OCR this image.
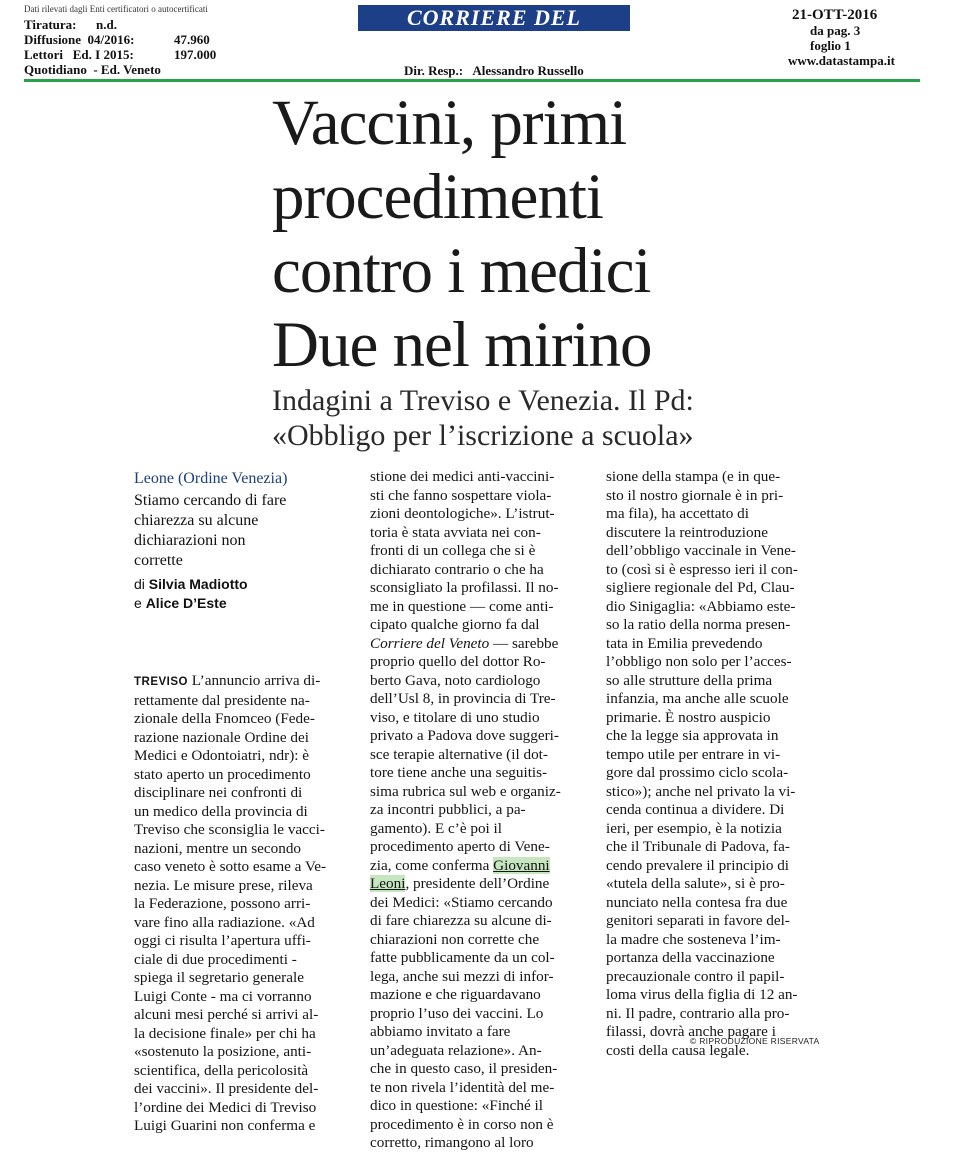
Dati rilevati dagli Enti certificatori o autocertificati
Tiratura:	n.d.
Diffusione  04/2016:	47.960
Lettori   Ed. I 2015:	197.000
Quotidiano  - Ed. Veneto
CORRIERE DEL VENETO
Dir. Resp.: Alessandro Russello
21-OTT-2016
da pag. 3
foglio 1
www.datastampa.it
Vaccini, primi
procedimenti
contro i medici
Due nel mirino
Indagini a Treviso e Venezia. Il Pd:
«Obbligo per l’iscrizione a scuola»
Leone (Ordine Venezia)
Stiamo cercando di fare
chiarezza su alcune
dichiarazioni non
corrette
di Silvia Madiotto
e Alice D’Este
TREVISO L’annuncio arriva di-
rettamente dal presidente na-
zionale della Fnomceo (Fede-
razione nazionale Ordine dei
Medici e Odontoiatri, ndr): è
stato aperto un procedimento
disciplinare nei confronti di
un medico della provincia di
Treviso che sconsiglia le vacci-
nazioni, mentre un secondo
caso veneto è sotto esame a Ve-
nezia. Le misure prese, rileva
la Federazione, possono arri-
vare fino alla radiazione. «Ad
oggi ci risulta l’apertura uffi-
ciale di due procedimenti -
spiega il segretario generale
Luigi Conte - ma ci vorranno
alcuni mesi perché si arrivi al-
la decisione finale» per chi ha
«sostenuto la posizione, anti-
scientifica, della pericolosità
dei vaccini». Il presidente del-
l’ordine dei Medici di Treviso
Luigi Guarini non conferma e
stione dei medici anti-vaccini-
sti che fanno sospettare viola-
zioni deontologiche». L’istrut-
toria è stata avviata nei con-
fronti di un collega che si è
dichiarato contrario o che ha
sconsigliato la profilassi. Il no-
me in questione — come anti-
cipato qualche giorno fa dal
Corriere del Veneto — sarebbe
proprio quello del dottor Ro-
berto Gava, noto cardiologo
dell’Usl 8, in provincia di Tre-
viso, e titolare di uno studio
privato a Padova dove suggeri-
sce terapie alternative (il dot-
tore tiene anche una seguitis-
sima rubrica sul web e organiz-
za incontri pubblici, a pa-
gamento). E c’è poi il
procedimento aperto di Vene-
zia, come conferma Giovanni
Leoni, presidente dell’Ordine
dei Medici: «Stiamo cercando
di fare chiarezza su alcune di-
chiarazioni non corrette che
fatte pubblicamente da un col-
lega, anche sui mezzi di infor-
mazione e che riguardavano
proprio l’uso dei vaccini. Lo
abbiamo invitato a fare
un’adeguata relazione». An-
che in questo caso, il presiden-
te non rivela l’identità del me-
dico in questione: «Finché il
procedimento è in corso non è
corretto, rimangono al loro
sione della stampa (e in que-
sto il nostro giornale è in pri-
ma fila), ha accettato di
discutere la reintroduzione
dell’obbligo vaccinale in Vene-
to (così si è espresso ieri il con-
sigliere regionale del Pd, Clau-
dio Sinigaglia: «Abbiamo este-
so la ratio della norma presen-
tata in Emilia prevedendo
l’obbligo non solo per l’acces-
so alle strutture della prima
infanzia, ma anche alle scuole
primarie. È nostro auspicio
che la legge sia approvata in
tempo utile per entrare in vi-
gore dal prossimo ciclo scola-
stico»); anche nel privato la vi-
cenda continua a dividere. Di
ieri, per esempio, è la notizia
che il Tribunale di Padova, fa-
cendo prevalere il principio di
«tutela della salute», si è pro-
nunciato nella contesa fra due
genitori separati in favore del-
la madre che sosteneva l’im-
portanza della vaccinazione
precauzionale contro il papil-
loma virus della figlia di 12 an-
ni. Il padre, contrario alla pro-
filassi, dovrà anche pagare i
costi della causa legale.
© RIPRODUZIONE RISERVATA
